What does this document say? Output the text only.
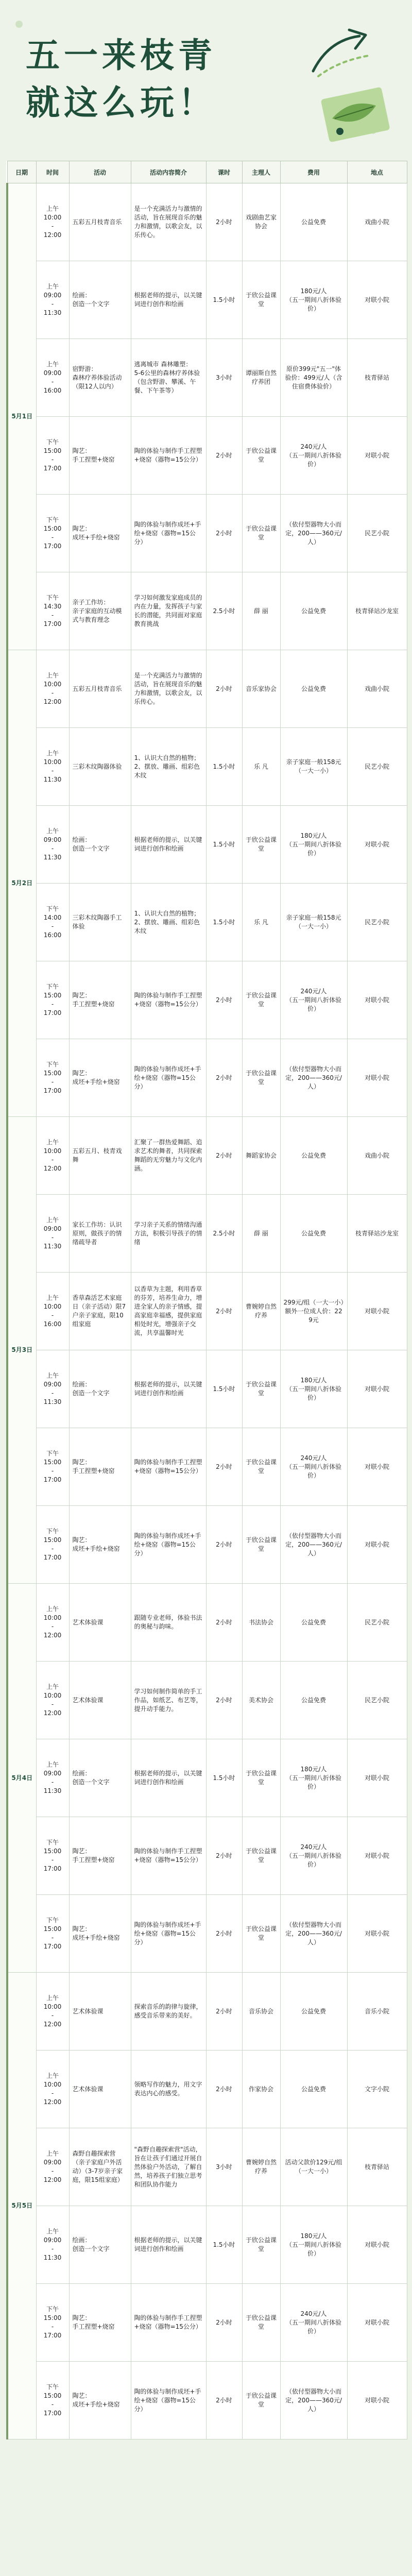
五一来枝青
就这么玩！
日期	时间	活动	活动内容简介	课时	主理人	费用	地点
5月1日	上午
10:00
-
12:00	五彩五月枝青音乐	是一个充满活力与激情的活动，旨在展现音乐的魅力和激情，以歌会友，以乐传心。	2小时	戏剧曲艺家协会	公益免费	戏曲小院

	上午
09:00
-
11:30	绘画：
创造一个文字	根据老师的提示，以关键词进行创作和绘画	1.5小时	于欣公益课堂	180元/人
（五一期间八折体验价）	对联小院

	上午
09:00
-
16:00	宿野游：
森林疗养体验活动（限12人以内）	逃离城市 森林雕塑：
5-6公里的森林疗养体验（包含野游、攀溪、午餐、下午茶等）	3小时	谭丽斯自然疗养团	原价399元"五一"体验价：499元/人（含住宿费体验价）	枝青驿站

	下午
15:00
-
17:00	陶艺：
手工捏塑+烧窑	陶的体验与制作手工捏塑+烧窑（器物=15公分）	2小时	于欣公益课堂	240元/人
（五一期间八折体验价）	对联小院

	下午
15:00
-
17:00	陶艺：
成坯+手绘+烧窑	陶的体验与制作成坯+手绘+烧窑（器物=15公分）	2小时	于欣公益课堂	（依付型器物大小而定，200——360元/人）	民艺小院

	下午
14:30
-
17:00	亲子工作坊：
亲子家庭的互动模式与教育理念	学习如何激发家庭成员的内在力量，发挥孩子与家长的潜能，共同面对家庭教育挑战	2.5小时	薛 丽	公益免费	枝青驿站沙龙室

5月2日	上午
10:00
-
12:00	五彩五月枝青音乐	是一个充满活力与激情的活动，旨在展现音乐的魅力和激情，以歌会友，以乐传心。	2小时	音乐家协会	公益免费	戏曲小院

	上午
10:00
-
11:30	三彩木纹陶器体验	1、认识大自然的植物；
2、摆放、雕画、组彩色木纹	1.5小时	乐 凡	亲子家庭一般158元（一大一小）	民艺小院

	上午
09:00
-
11:30	绘画：
创造一个文字	根据老师的提示，以关键词进行创作和绘画	1.5小时	于欣公益课堂	180元/人
（五一期间八折体验价）	对联小院

	下午
14:00
-
16:00	三彩木纹陶器手工体验	1、认识大自然的植物；
2、摆放、雕画、组彩色木纹	1.5小时	乐 凡	亲子家庭一般158元（一大一小）	民艺小院

	下午
15:00
-
17:00	陶艺：
手工捏塑+烧窑	陶的体验与制作手工捏塑+烧窑（器物=15公分）	2小时	于欣公益课堂	240元/人
（五一期间八折体验价）	对联小院

	下午
15:00
-
17:00	陶艺：
成坯+手绘+烧窑	陶的体验与制作成坯+手绘+烧窑（器物=15公分）	2小时	于欣公益课堂	（依付型器物大小而定，200——360元/人）	对联小院

5月3日	上午
10:00
-
12:00	五彩五月、枝青戏舞	汇聚了一群热爱舞蹈、追求艺术的舞者，共同探索舞蹈的无穷魅力与文化内涵。	2小时	舞蹈家协会	公益免费	戏曲小院

	上午
09:00
-
11:30	家长工作坊：认识原则，做孩子的情绪疏导者	学习亲子关系的情绪沟通方法，积极引导孩子的情绪	2.5小时	薛 丽	公益免费	枝青驿站沙龙室

	上午
10:00
-
16:00	香草森活艺术家庭日（亲子活动）限7户亲子家庭，限10组家庭	以香草为主题，利用香草的芬芳，培养生命力，增进全家人的亲子情感，提高家庭幸福感，提供家庭相处时光，增强亲子交流，共享温馨时光	2小时	曹婉婷自然疗养	299元/组（一大一小）额外一位成人价：229元	对联小院

	上午
09:00
-
11:30	绘画：
创造一个文字	根据老师的提示，以关键词进行创作和绘画	1.5小时	于欣公益课堂	180元/人
（五一期间八折体验价）	对联小院

	下午
15:00
-
17:00	陶艺：
手工捏塑+烧窑	陶的体验与制作手工捏塑+烧窑（器物=15公分）	2小时	于欣公益课堂	240元/人
（五一期间八折体验价）	对联小院

	下午
15:00
-
17:00	陶艺：
成坯+手绘+烧窑	陶的体验与制作成坯+手绘+烧窑（器物=15公分）	2小时	于欣公益课堂	（依付型器物大小而定，200——360元/人）	对联小院

5月4日	上午
10:00
-
12:00	艺术体验课	跟随专业老师，体验书法的奥秘与韵味。	2小时	书法协会	公益免费	民艺小院

	上午
10:00
-
12:00	艺术体验课	学习如何制作简单的手工作品，如纸艺、布艺等，提升动手能力。	2小时	美术协会	公益免费	民艺小院

	上午
09:00
-
11:30	绘画：
创造一个文字	根据老师的提示，以关键词进行创作和绘画	1.5小时	于欣公益课堂	180元/人
（五一期间八折体验价）	对联小院

	下午
15:00
-
17:00	陶艺：
手工捏塑+烧窑	陶的体验与制作手工捏塑+烧窑（器物=15公分）	2小时	于欣公益课堂	240元/人
（五一期间八折体验价）	对联小院

	下午
15:00
-
17:00	陶艺：
成坯+手绘+烧窑	陶的体验与制作成坯+手绘+烧窑（器物=15公分）	2小时	于欣公益课堂	（依付型器物大小而定，200——360元/人）	对联小院

5月5日	上午
10:00
-
12:00	艺术体验课	探索音乐的韵律与旋律，感受音乐带来的美好。	2小时	音乐协会	公益免费	音乐小院

	上午
10:00
-
12:00	艺术体验课	领略写作的魅力，用文字表达内心的感受。	2小时	作家协会	公益免费	文字小院

	上午
09:00
-
12:00	森野自趣探索营（亲子家庭户外活动）（3-7岁亲子家庭，限15组家庭）	"森野自趣探索营"活动，旨在让孩子们通过开展自然体验户外活动，了解自然，培养孩子们独立思考和团队协作能力	3小时	曹婉婷自然疗养	活动父款价129元/组（一大一小）	枝青驿站

	上午
09:00
-
11:30	绘画：
创造一个文字	根据老师的提示，以关键词进行创作和绘画	1.5小时	于欣公益课堂	180元/人
（五一期间八折体验价）	对联小院

	下午
15:00
-
17:00	陶艺：
手工捏塑+烧窑	陶的体验与制作手工捏塑+烧窑（器物=15公分）	2小时	于欣公益课堂	240元/人
（五一期间八折体验价）	对联小院

	下午
15:00
-
17:00	陶艺：
成坯+手绘+烧窑	陶的体验与制作成坯+手绘+烧窑（器物=15公分）	2小时	于欣公益课堂	（依付型器物大小而定，200——360元/人）	对联小院
